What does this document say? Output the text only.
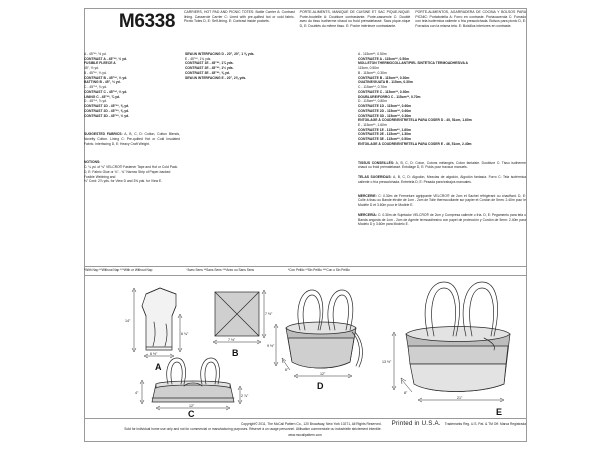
M6338	CARRIERS, HOT PAD AND PICNIC TOTES: Bottle Carrier A: Contrast lining. Casserole Carrier C: Lined with pre-quilted hot or cold fabric. Picnic Totes D, E: Self-lining. E: Contrast inside pockets.
PORTE-ALIMENTS, MANIQUE DE CUISINE ET SAC PIQUE-NIQUE: Porte-bouteille A: Doublure contrastante. Porte-casserole C: Doublé avec du tissu isotherme chaud ou froid prématelassé. Sacs pique-nique D, E: Doublés du même tissu. E: Poche intérieure contrastante.
PORTE-ALIMENTOS, AGARRADERA DE COCINA Y BOLSOS PARA PICNIC: Portabotella A: Forro en contraste. Portacacerola C: Forrado con tela isotérmica caliente o fría preacolchada. Bolsos para picnic D, E: Forrados con la misma tela. E: Bolsillos interiores en contraste.
A - 45"**, ½ yd.
CONTRAST A - 45"**, ½ yd.
FUSIBLE FLEECE A
45", ½ yd.
B - 45"**, ⅓ yd.
CONTRAST B - 45"**, ⅓ yd.
BATTING B - 45", ⅓ yd.
C - 45"**, ¾ yd.
CONTRAST C - 45"**, ⅓ yd.
LINING C - 45"**, ¾ yd.
D - 45"**, ⅞ yd.
CONTRAST 1D - 45"**, ⅝ yd.
CONTRAST 2D - 45"**, ⅝ yd.
CONTRAST 3D - 45"**, ⅓ yd.

SUGGESTED FABRICS: A, B, C, D: Cotton, Cotton Blends, Novelty Cotton. Lining C: Pre-quilted Hot or Cold Insulated Fabric. Interfacing D, E: Heavy Craft Weight.

NOTIONS:

C: ¼ yd. of ¾" VELCRO® Fastener Tape and Hot or Cold Pack.
D, E: Fabric Glue or ¾" - ¾" Narrow Strip of Paper-backed Fusible Webbing and
⅜" Cord: 2⅞ yds. for View D and 3⅝ yds. for View E.
SEW-IN INTERFACING D - 20", 20", 1 ⅝ yds.
E - 45"**, 1¾ yds.
CONTRAST 1E - 45"**, 1¾ yds.
CONTRAST 2E - 45"**, 1½ yds.
CONTRAST 3E - 45"**, ⅝ yd.
SEW-IN INTERFACING E - 20", 2⅝ yds.
A - 115cm**, 0.50m
CONTRASTE A - 115cm**, 0.50m
MOLLETON THERMOCOLLANT/PIEL SINTÉTICA TERMOADHESIVA A
115cm, 0.50m
B - 115cm**, 0.30m
CONTRASTE B - 115cm**, 0.30m
OUATINE/GUATA B - 115cm, 0.30m
C - 115cm**, 0.70m
CONTRASTE C - 115cm**, 0.30m
DOUBLURE/FORRO C - 115cm**, 0.70m
D - 115cm**, 0.80m
CONTRASTE 1D - 115cm**, 0.60m
CONTRASTE 2D - 115cm**, 0.60m
CONTRASTE 3D - 115cm**, 0.30m
ENTOILAGE À COUDRE/ENTRETELA PARA COSER D - 40, 51cm, 1.60m
E - 115cm**, 1.60m
CONTRASTE 1E - 115cm**, 1.60m
CONTRASTE 2E - 115cm**, 1.30m
CONTRASTE 3E - 115cm**, 0.50m
ENTOILAGE À COUDRE/ENTRETELA PARA COSER E - 46, 51cm, 2.40m

TISSUS CONSEILLÉS: A, B, C, D: Coton, Cotons mélangés, Coton fantaisie. Doublure C: Tissu isotherme chaud ou froid prématelassé. Entoilage D, E: Poids pour travaux manuels.

TELAS SUGERIDAS: A, B, C, D: Algodón, Mezclas de algodón, Algodón fantasía. Forro C: Tela isotérmica caliente o fría preacolchada. Entretela D, E: Pesada para trabajos manuales.

MERCERIE: C: 0.30m de Fermeture agrippante VELCRO® de 2cm et Sachet réfrigérant ou chauffant. D, E: Colle à tissu ou Bande étroite de 1cm - 2cm de Toile thermocollante sur papier et Cordon de 5mm: 2.40m pour le Modèle D et 3.60m pour le Modèle E.

MERCERÍA: C: 0.30m de Sujetador VELCRO® de 2cm y Compresa caliente o fría. D, E: Pegamento para tela o Banda angosta de 1cm - 2cm de Agente termoadhesivo con papel de protección y Cordón de 5mm: 2.40m para Modelo D y 3.60m para Modelo E.

*With Nap **Without Nap ***With or Without Nap	*Avec Sens **Sans Sens ***Avec ou Sans Sens	*Con Pelillo **Sin Pelillo ***Con o Sin Pelillo
14"
6 ¾"
6 ½"
A
7 ½"
7 ½"
B
4"
2 ⅞"
12"
C
9 ½"
6"
12"
D
13 ½"
8"
21"
E
Copyright© 2011, The McCall Pattern Co., 120 Broadway, New York 10271, All Rights Reserved.
Sold for individual home use only and not for commercial or manufacturing purposes. Réservé à un usage personnel. Utilisation commerciale ou industrielle strictement interdite.
Printed in U.S.A. Trademarks Reg. U.S. Pat. & TM Off. Marca Registrada
www.mccallpattern.com
